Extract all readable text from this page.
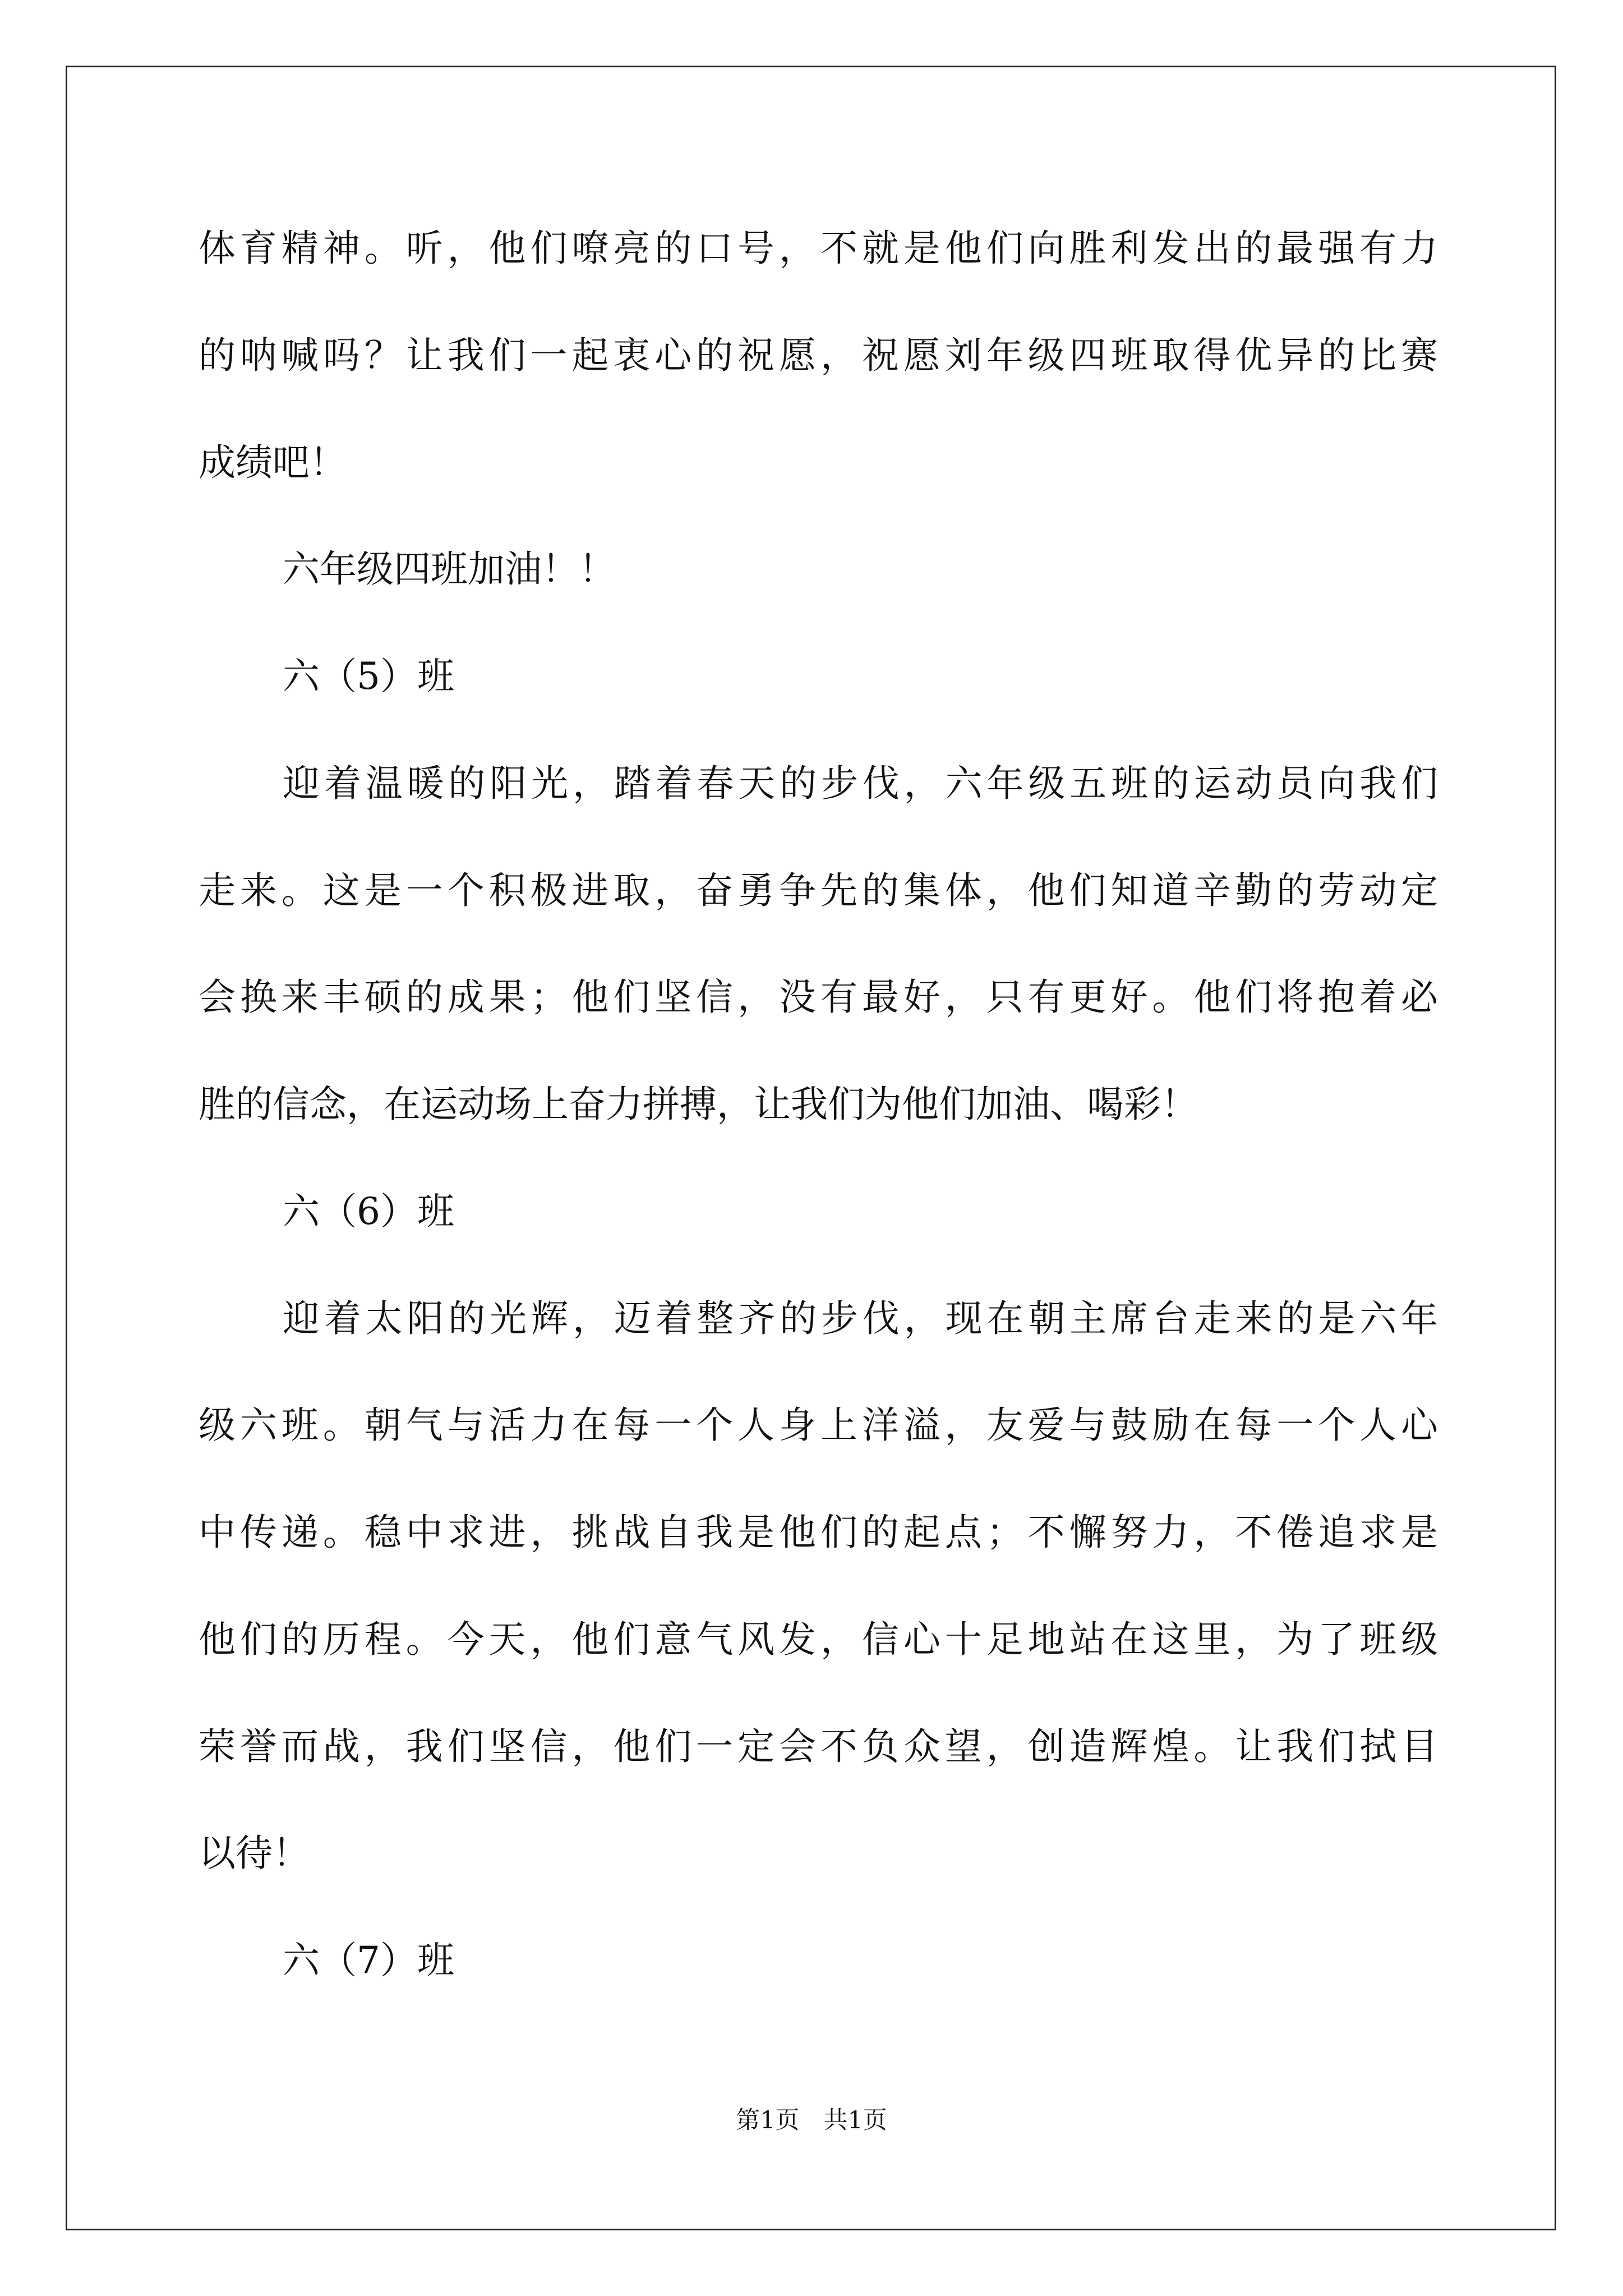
体育精神。听，他们嘹亮的口号，不就是他们向胜利发出的最强有力
的呐喊吗？让我们一起衷心的祝愿，祝愿刘年级四班取得优异的比赛
成绩吧！
六年级四班加油！！
六（5）班
迎着温暖的阳光，踏着春天的步伐，六年级五班的运动员向我们
走来。这是一个积极进取，奋勇争先的集体，他们知道辛勤的劳动定
会换来丰硕的成果；他们坚信，没有最好，只有更好。他们将抱着必
胜的信念，在运动场上奋力拼搏，让我们为他们加油、喝彩！
六（6）班
迎着太阳的光辉，迈着整齐的步伐，现在朝主席台走来的是六年
级六班。朝气与活力在每一个人身上洋溢，友爱与鼓励在每一个人心
中传递。稳中求进，挑战自我是他们的起点；不懈努力，不倦追求是
他们的历程。今天，他们意气风发，信心十足地站在这里，为了班级
荣誉而战，我们坚信，他们一定会不负众望，创造辉煌。让我们拭目
以待！
六（7）班
第1页　共1页
